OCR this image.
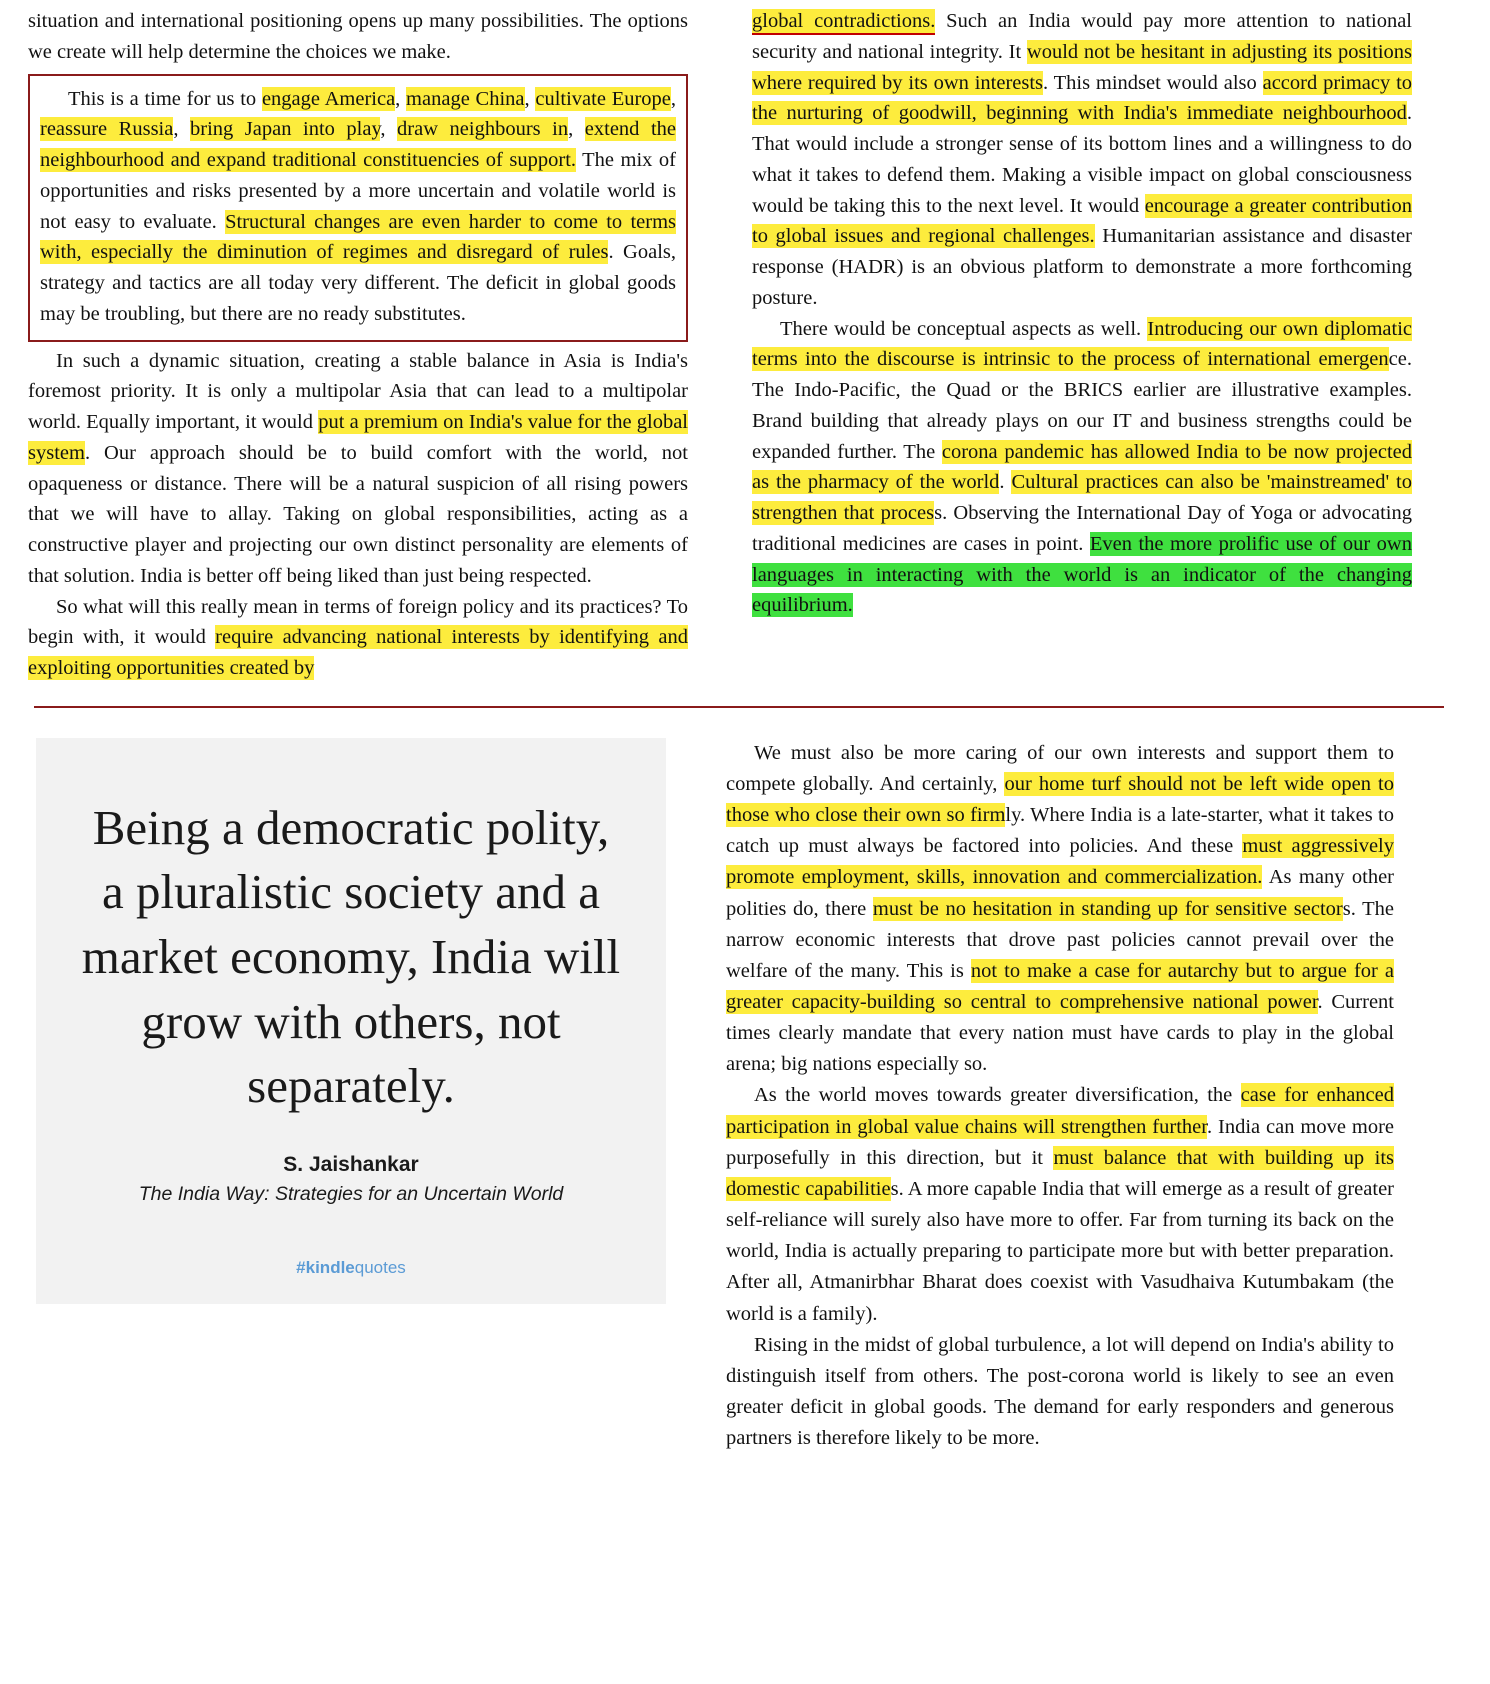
situation and international positioning opens up many possibilities. The options we create will help determine the choices we make.

This is a time for us to engage America, manage China, cultivate Europe, reassure Russia, bring Japan into play, draw neighbours in, extend the neighbourhood and expand traditional constituencies of support. The mix of opportunities and risks presented by a more uncertain and volatile world is not easy to evaluate. Structural changes are even harder to come to terms with, especially the diminution of regimes and disregard of rules. Goals, strategy and tactics are all today very different. The deficit in global goods may be troubling, but there are no ready substitutes.

In such a dynamic situation, creating a stable balance in Asia is India's foremost priority. It is only a multipolar Asia that can lead to a multipolar world. Equally important, it would put a premium on India's value for the global system. Our approach should be to build comfort with the world, not opaqueness or distance. There will be a natural suspicion of all rising powers that we will have to allay. Taking on global responsibilities, acting as a constructive player and projecting our own distinct personality are elements of that solution. India is better off being liked than just being respected.

So what will this really mean in terms of foreign policy and its practices? To begin with, it would require advancing national interests by identifying and exploiting opportunities created by

global contradictions. Such an India would pay more attention to national security and national integrity. It would not be hesitant in adjusting its positions where required by its own interests. This mindset would also accord primacy to the nurturing of goodwill, beginning with India's immediate neighbourhood. That would include a stronger sense of its bottom lines and a willingness to do what it takes to defend them. Making a visible impact on global consciousness would be taking this to the next level. It would encourage a greater contribution to global issues and regional challenges. Humanitarian assistance and disaster response (HADR) is an obvious platform to demonstrate a more forthcoming posture.

There would be conceptual aspects as well. Introducing our own diplomatic terms into the discourse is intrinsic to the process of international emergence. The Indo-Pacific, the Quad or the BRICS earlier are illustrative examples. Brand building that already plays on our IT and business strengths could be expanded further. The corona pandemic has allowed India to be now projected as the pharmacy of the world. Cultural practices can also be 'mainstreamed' to strengthen that process. Observing the International Day of Yoga or advocating traditional medicines are cases in point. Even the more prolific use of our own languages in interacting with the world is an indicator of the changing equilibrium.

Being a democratic polity, a pluralistic society and a market economy, India will grow with others, not separately.
S. Jaishankar
The India Way: Strategies for an Uncertain World

#kindlequotes

We must also be more caring of our own interests and support them to compete globally. And certainly, our home turf should not be left wide open to those who close their own so firmly. Where India is a late-starter, what it takes to catch up must always be factored into policies. And these must aggressively promote employment, skills, innovation and commercialization. As many other polities do, there must be no hesitation in standing up for sensitive sectors. The narrow economic interests that drove past policies cannot prevail over the welfare of the many. This is not to make a case for autarchy but to argue for a greater capacity-building so central to comprehensive national power. Current times clearly mandate that every nation must have cards to play in the global arena; big nations especially so.

As the world moves towards greater diversification, the case for enhanced participation in global value chains will strengthen further. India can move more purposefully in this direction, but it must balance that with building up its domestic capabilities. A more capable India that will emerge as a result of greater self-reliance will surely also have more to offer. Far from turning its back on the world, India is actually preparing to participate more but with better preparation. After all, Atmanirbhar Bharat does coexist with Vasudhaiva Kutumbakam (the world is a family).

Rising in the midst of global turbulence, a lot will depend on India's ability to distinguish itself from others. The post-corona world is likely to see an even greater deficit in global goods. The demand for early responders and generous partners is therefore likely to be more.
